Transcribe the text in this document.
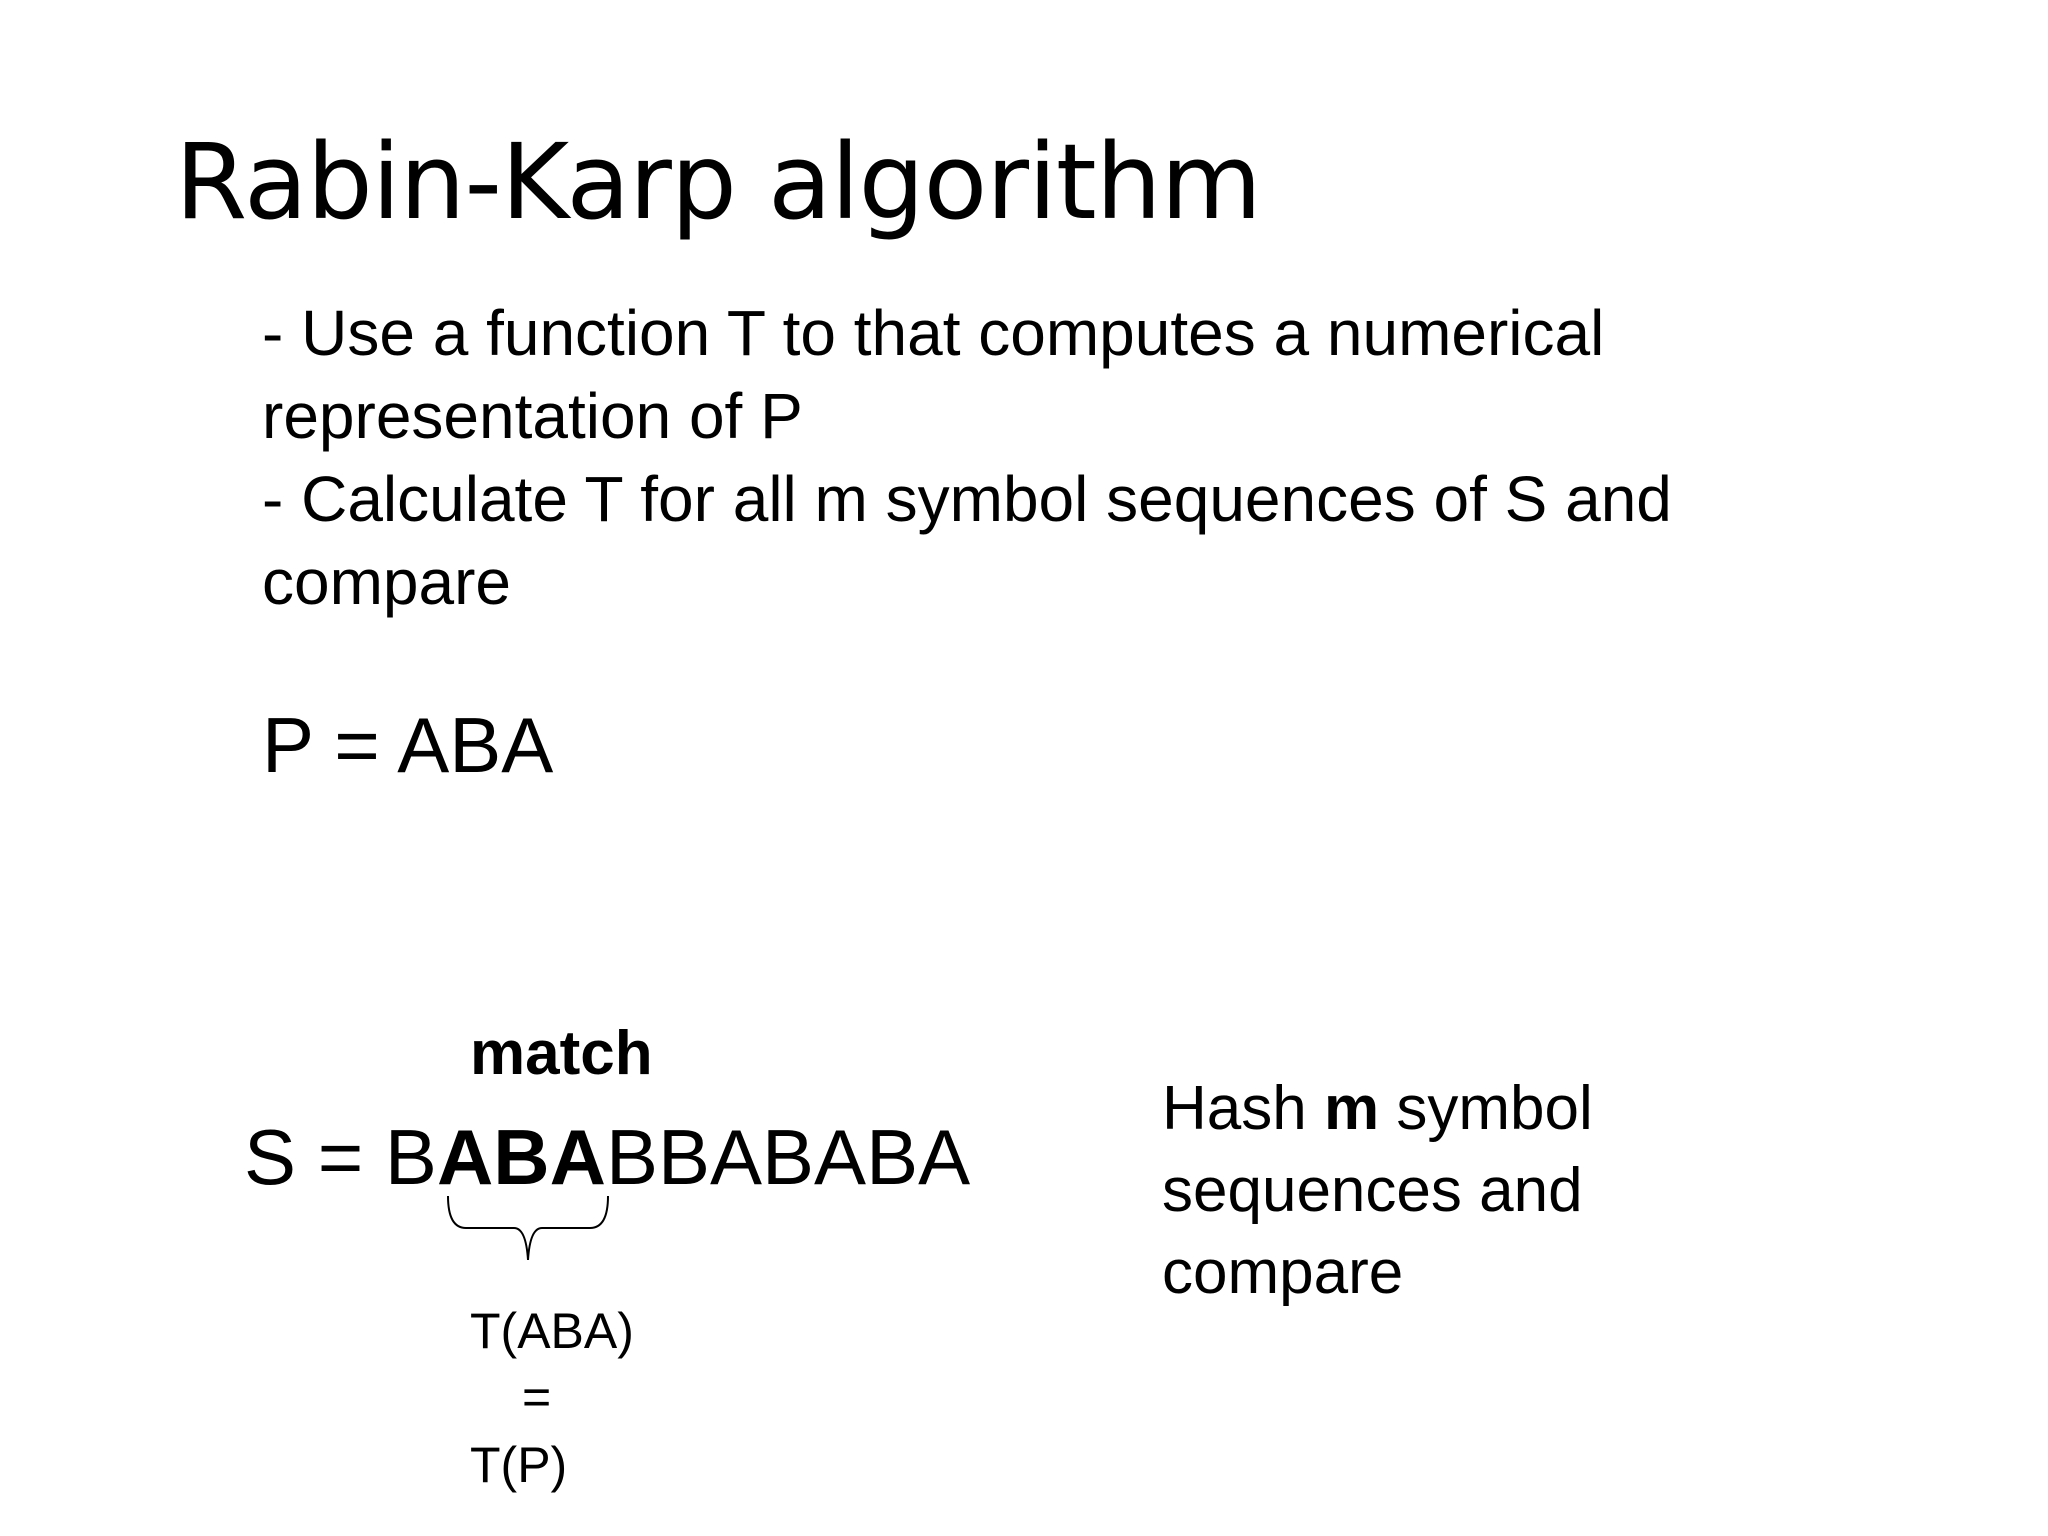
Rabin-Karp algorithm
- Use a function T to that computes a numerical
representation of P
- Calculate T for all m symbol sequences of S and
compare
P = ABA
match
S = BABABBABABA
T(ABA)
=
T(P)
Hash m symbol
sequences and
compare
